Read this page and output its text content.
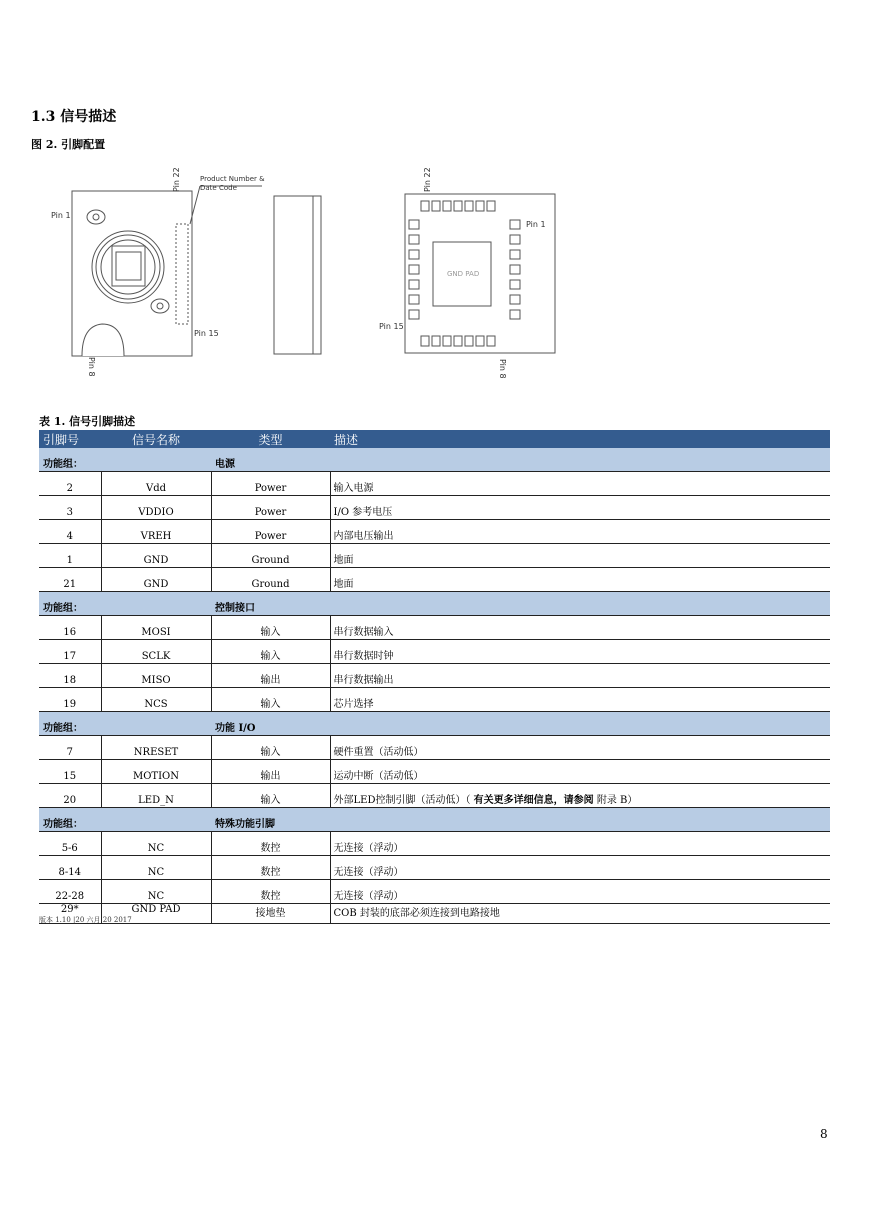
1.3 信号描述
图 2. 引脚配置
Pin 22	Product Number &
Date Code
Pin 1
Pin 15
Pin 8
GND PAD
Pin 22
Pin 1
Pin 15
Pin 8
表 1. 信号引脚描述
引脚号	信号名称	类型	描述
功能组：		电源	
2	Vdd	Power	输入电源
3	VDDIO	Power	I/O 参考电压
4	VREH	Power	内部电压输出
1	GND	Ground	地面
21	GND	Ground	地面
功能组：		控制接口	
16	MOSI	输入	串行数据输入
17	SCLK	输入	串行数据时钟
18	MISO	输出	串行数据输出
19	NCS	输入	芯片选择
功能组：		功能 I/O	
7	NRESET	输入	硬件重置（活动低）
15	MOTION	输出	运动中断（活动低）
20	LED_N	输入	外部LED控制引脚（活动低）（ 有关更多详细信息，请参阅 附录 B）
功能组：		特殊功能引脚	
5-6	NC	数控	无连接（浮动）
8-14	NC	数控	无连接（浮动）
22-28	NC	数控	无连接（浮动）
29*	GND PAD	接地垫	COB 封装的底部必须连接到电路接地
版本 1.10 |20 六月 20 2017
8
